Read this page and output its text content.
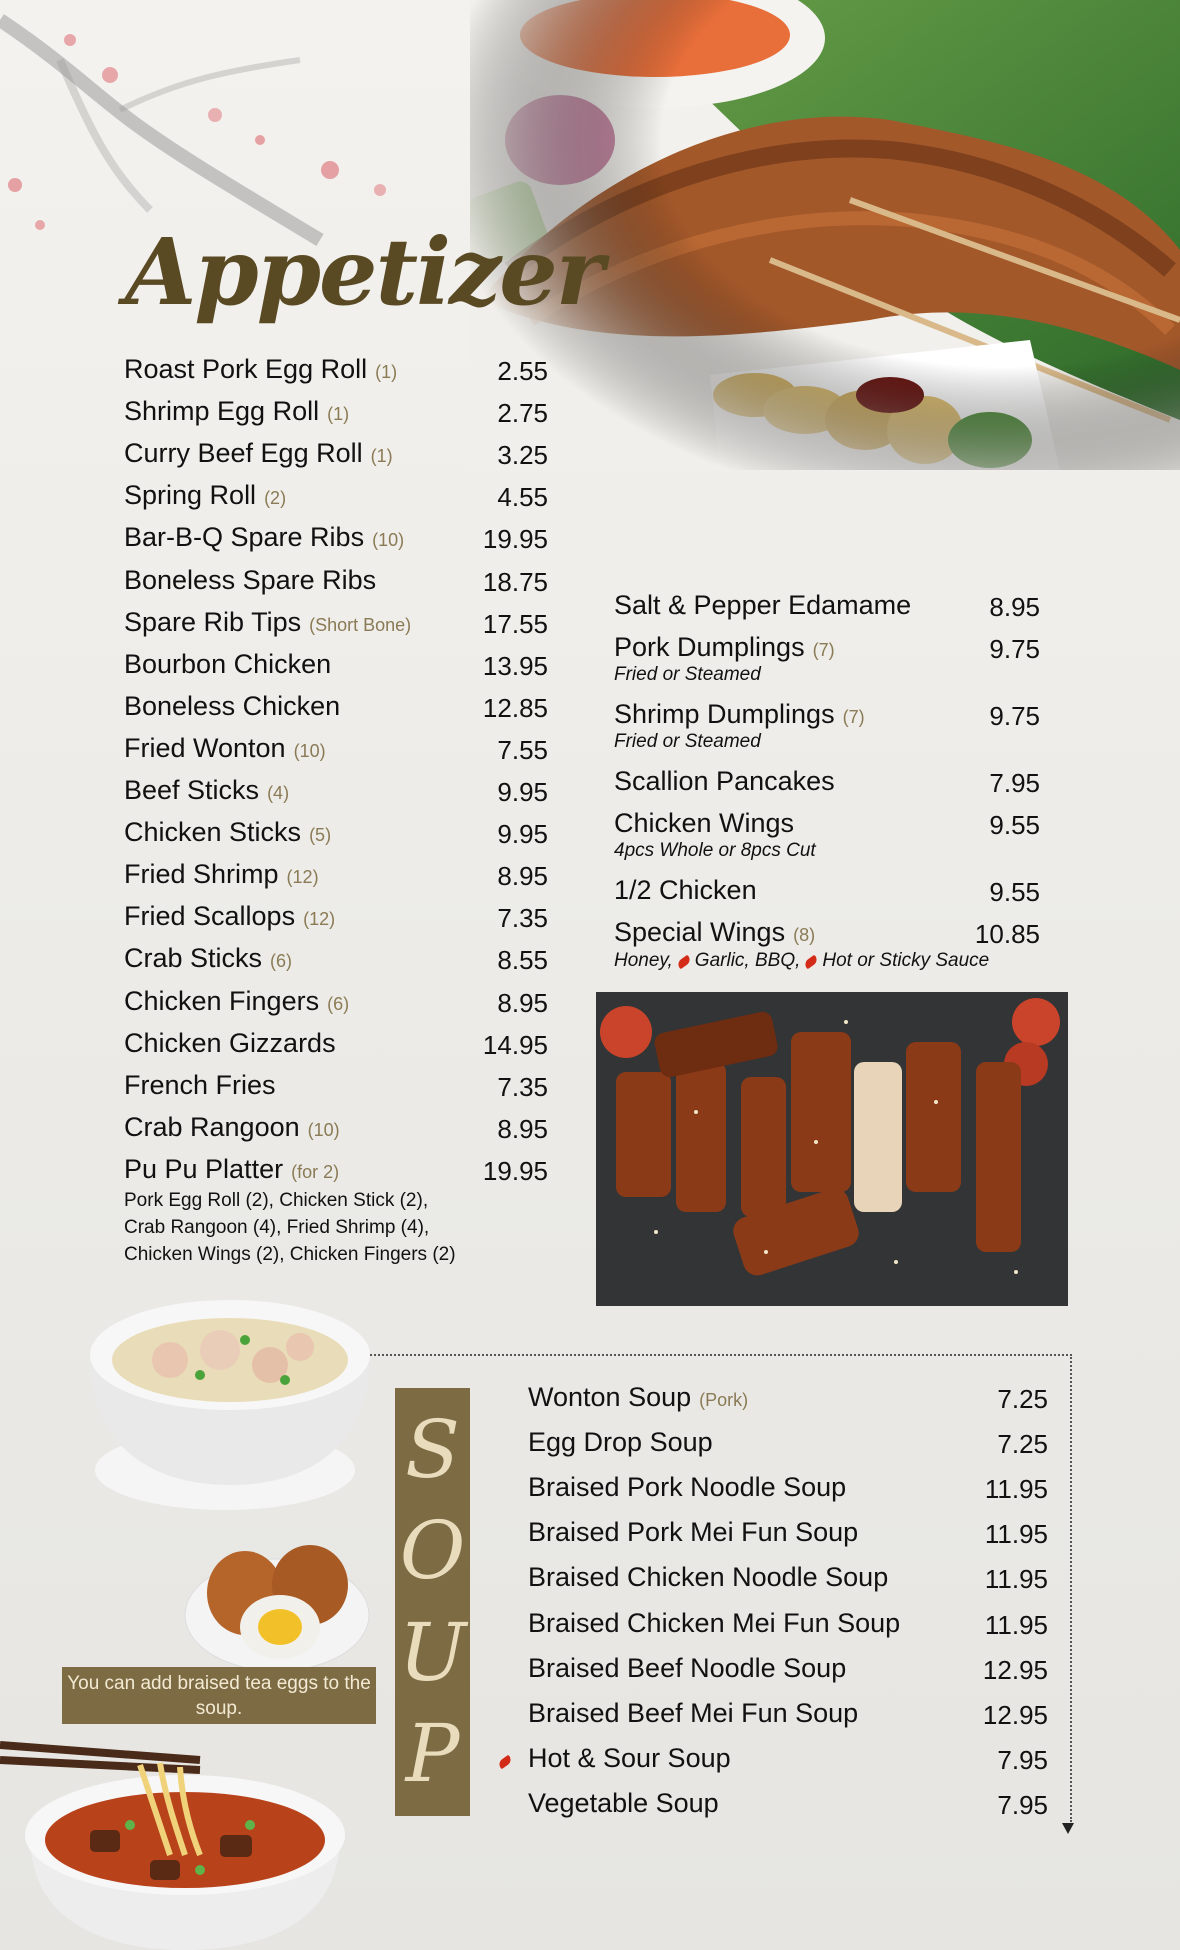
Appetizer
Roast Pork Egg Roll (1)	2.55
Shrimp Egg Roll (1)	2.75
Curry Beef Egg Roll (1)	3.25
Spring Roll (2)	4.55
Bar-B-Q Spare Ribs (10)	19.95
Boneless Spare Ribs	18.75
Spare Rib Tips (Short Bone)	17.55
Bourbon Chicken	13.95
Boneless Chicken	12.85
Fried Wonton (10)	7.55
Beef Sticks (4)	9.95
Chicken Sticks (5)	9.95
Fried Shrimp (12)	8.95
Fried Scallops (12)	7.35
Crab Sticks (6)	8.55
Chicken Fingers (6)	8.95
Chicken Gizzards	14.95
French Fries	7.35
Crab Rangoon (10)	8.95
Pu Pu Platter (for 2)	19.95
Pork Egg Roll (2), Chicken Stick (2),
Crab Rangoon (4), Fried Shrimp (4),
Chicken Wings (2), Chicken Fingers (2)
Salt & Pepper Edamame	8.95
Pork Dumplings (7)	9.75
Fried or Steamed
Shrimp Dumplings (7)	9.75
Fried or Steamed
Scallion Pancakes	7.95
Chicken Wings	9.55
4pcs Whole or 8pcs Cut
1/2 Chicken	9.55
Special Wings (8)	10.85
Honey, Garlic, BBQ, Hot or Sticky Sauce
You can add braised tea eggs to the soup.
S
O
U
P
Wonton Soup (Pork)	7.25
Egg Drop Soup	7.25
Braised Pork Noodle Soup	11.95
Braised Pork Mei Fun Soup	11.95
Braised Chicken Noodle Soup	11.95
Braised Chicken Mei Fun Soup	11.95
Braised Beef Noodle Soup	12.95
Braised Beef Mei Fun Soup	12.95
Hot & Sour Soup	7.95
Vegetable Soup	7.95
